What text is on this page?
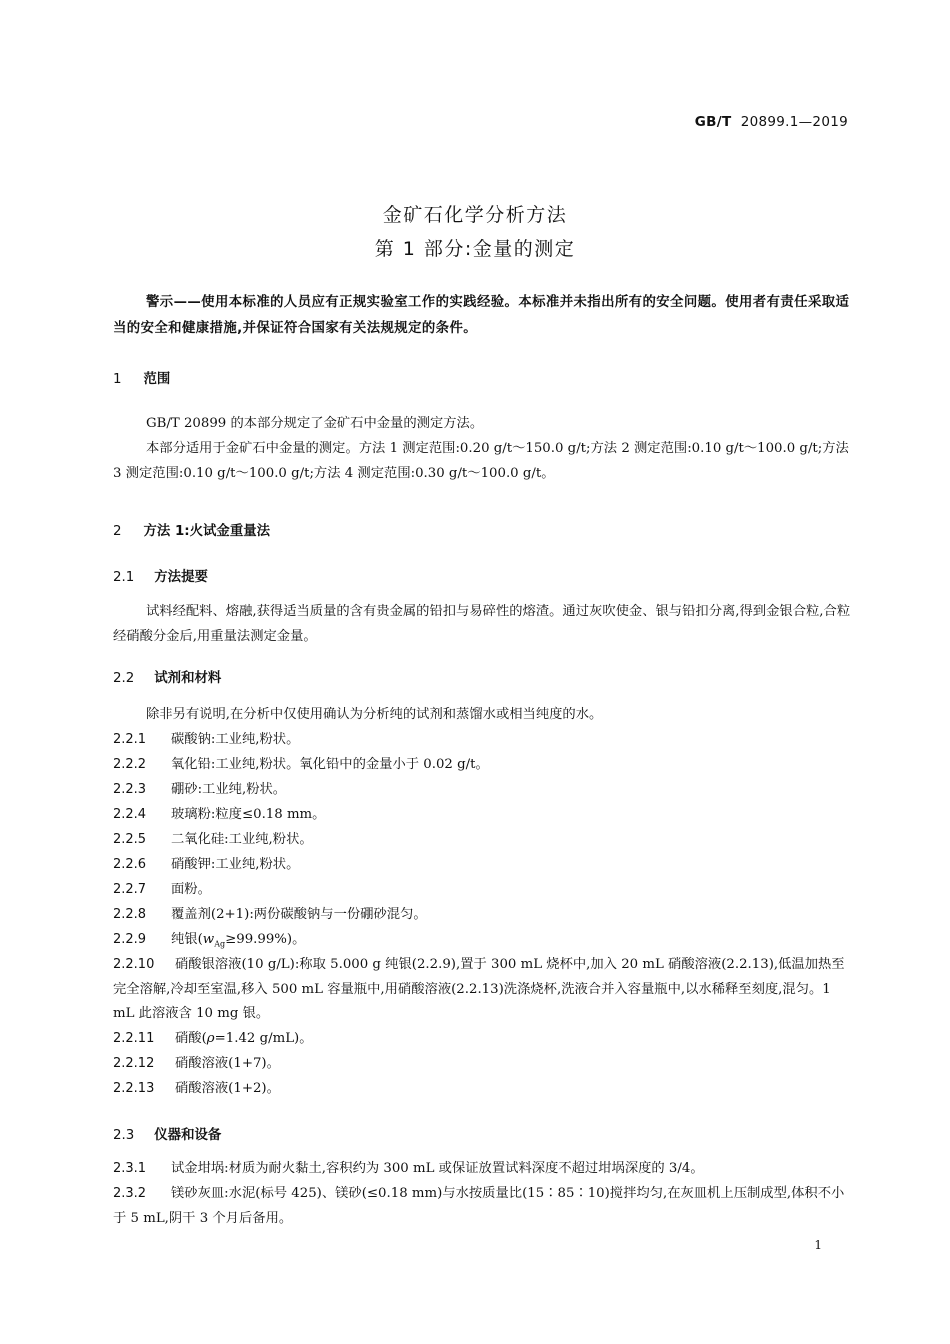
GB/T 20899.1—2019
金矿石化学分析方法
第 1 部分:金量的测定
警示——使用本标准的人员应有正规实验室工作的实践经验。本标准并未指出所有的安全问题。使用者有责任采取适当的安全和健康措施,并保证符合国家有关法规规定的条件。
1 范围
GB/T 20899 的本部分规定了金矿石中金量的测定方法。
本部分适用于金矿石中金量的测定。方法 1 测定范围:0.20 g/t～150.0 g/t;方法 2 测定范围:0.10 g/t～100.0 g/t;方法 3 测定范围:0.10 g/t～100.0 g/t;方法 4 测定范围:0.30 g/t～100.0 g/t。
2 方法 1:火试金重量法
2.1 方法提要
试料经配料、熔融,获得适当质量的含有贵金属的铅扣与易碎性的熔渣。通过灰吹使金、银与铅扣分离,得到金银合粒,合粒经硝酸分金后,用重量法测定金量。
2.2 试剂和材料
除非另有说明,在分析中仅使用确认为分析纯的试剂和蒸馏水或相当纯度的水。
2.2.1 碳酸钠:工业纯,粉状。
2.2.2 氧化铅:工业纯,粉状。氧化铅中的金量小于 0.02 g/t。
2.2.3 硼砂:工业纯,粉状。
2.2.4 玻璃粉:粒度≤0.18 mm。
2.2.5 二氧化硅:工业纯,粉状。
2.2.6 硝酸钾:工业纯,粉状。
2.2.7 面粉。
2.2.8 覆盖剂(2+1):两份碳酸钠与一份硼砂混匀。
2.2.9 纯银$(w_{Ag}\ge 99.99\%)$。
2.2.10 硝酸银溶液(10 g/L):称取 5.000 g 纯银(2.2.9),置于 300 mL 烧杯中,加入 20 mL 硝酸溶液(2.2.13),低温加热至完全溶解,冷却至室温,移入 500 mL 容量瓶中,用硝酸溶液(2.2.13)洗涤烧杯,洗液合并入容量瓶中,以水稀释至刻度,混匀。1 mL 此溶液含 10 mg 银。
2.2.11 硝酸(ρ=1.42 g/mL)。
2.2.12 硝酸溶液(1+7)。
2.2.13 硝酸溶液(1+2)。
2.3 仪器和设备
2.3.1 试金坩埚:材质为耐火黏土,容积约为 300 mL 或保证放置试料深度不超过坩埚深度的 3/4。
2.3.2 镁砂灰皿:水泥(标号 425)、镁砂(≤0.18 mm)与水按质量比(15∶85∶10)搅拌均匀,在灰皿机上压制成型,体积不小于 5 mL,阴干 3 个月后备用。
1
